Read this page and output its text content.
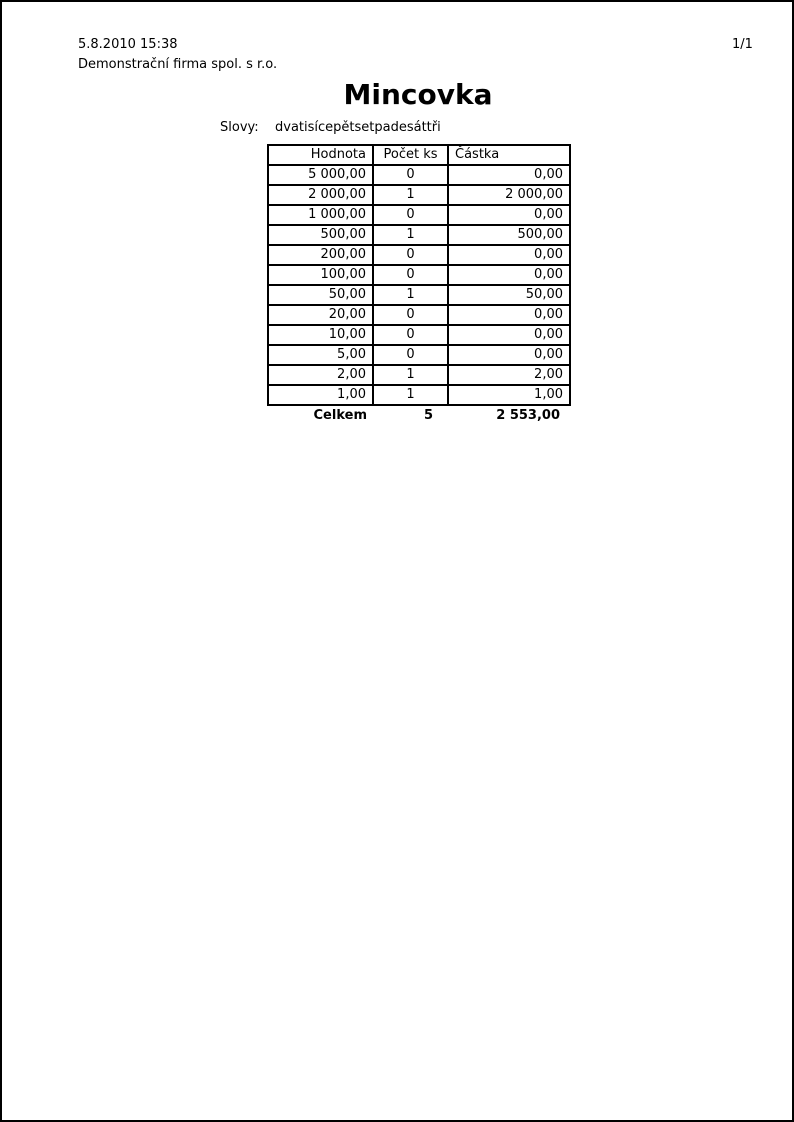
5.8.2010 15:38
Demonstrační firma spol. s r.o.
1/1
Mincovka
Slovy: dvatisícepětsetpadesáttři
Hodnota	Počet ks	Částka
5 000,00	0	0,00
2 000,00	1	2 000,00
1 000,00	0	0,00
500,00	1	500,00
200,00	0	0,00
100,00	0	0,00
50,00	1	50,00
20,00	0	0,00
10,00	0	0,00
5,00	0	0,00
2,00	1	2,00
1,00	1	1,00
Celkem	5	2 553,00
